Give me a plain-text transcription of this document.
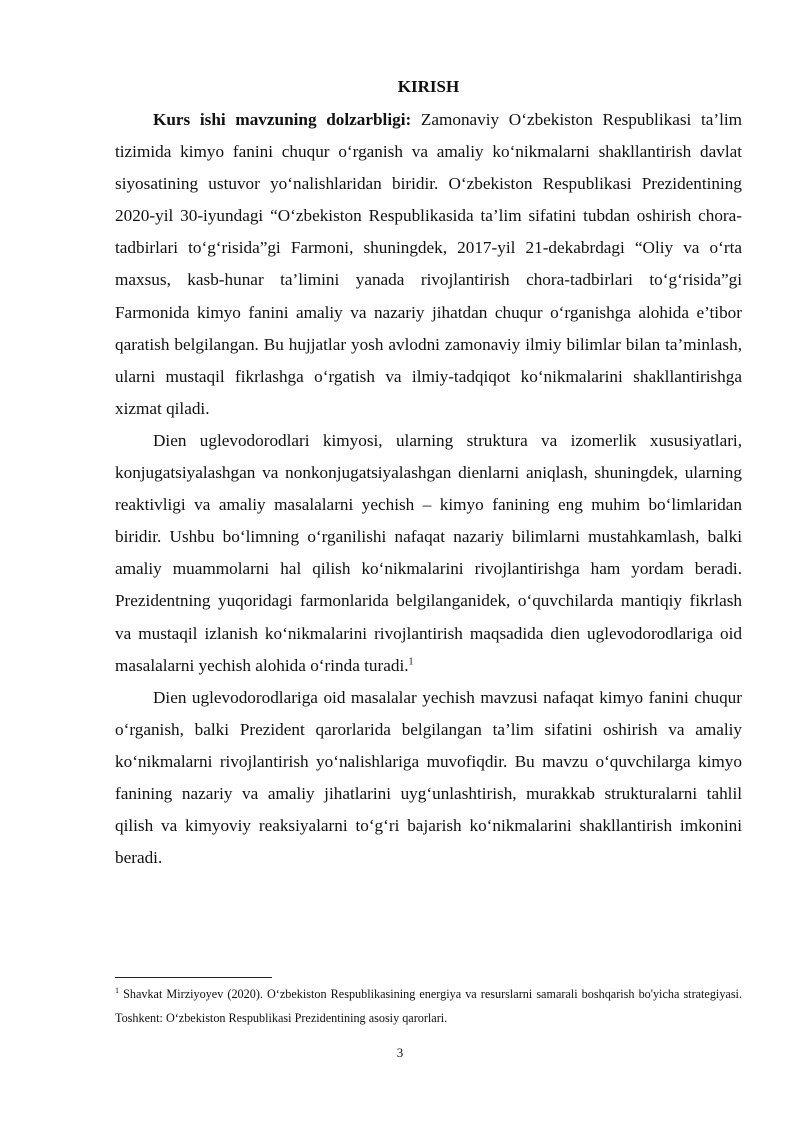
KIRISH

Kurs ishi mavzuning dolzarbligi: Zamonaviy O‘zbekiston Respublikasi ta’lim tizimida kimyo fanini chuqur o‘rganish va amaliy ko‘nikmalarni shakllantirish davlat siyosatining ustuvor yo‘nalishlaridan biridir. O‘zbekiston Respublikasi Prezidentining 2020-yil 30-iyundagi “O‘zbekiston Respublikasida ta’lim sifatini tubdan oshirish chora-tadbirlari to‘g‘risida”gi Farmoni, shuningdek, 2017-yil 21-dekabrdagi “Oliy va o‘rta maxsus, kasb-hunar ta’limini yanada rivojlantirish chora-tadbirlari to‘g‘risida”gi Farmonida kimyo fanini amaliy va nazariy jihatdan chuqur o‘rganishga alohida e’tibor qaratish belgilangan. Bu hujjatlar yosh avlodni zamonaviy ilmiy bilimlar bilan ta’minlash, ularni mustaqil fikrlashga o‘rgatish va ilmiy-tadqiqot ko‘nikmalarini shakllantirishga xizmat qiladi.

Dien uglevodorodlari kimyosi, ularning struktura va izomerlik xususiyatlari, konjugatsiyalashgan va nonkonjugatsiyalashgan dienlarni aniqlash, shuningdek, ularning reaktivligi va amaliy masalalarni yechish – kimyo fanining eng muhim bo‘limlaridan biridir. Ushbu bo‘limning o‘rganilishi nafaqat nazariy bilimlarni mustahkamlash, balki amaliy muammolarni hal qilish ko‘nikmalarini rivojlantirishga ham yordam beradi. Prezidentning yuqoridagi farmonlarida belgilanganidek, o‘quvchilarda mantiqiy fikrlash va mustaqil izlanish ko‘nikmalarini rivojlantirish maqsadida dien uglevodorodlariga oid masalalarni yechish alohida o‘rinda turadi.$^1$

Dien uglevodorodlariga oid masalalar yechish mavzusi nafaqat kimyo fanini chuqur o‘rganish, balki Prezident qarorlarida belgilangan ta’lim sifatini oshirish va amaliy ko‘nikmalarni rivojlantirish yo‘nalishlariga muvofiqdir. Bu mavzu o‘quvchilarga kimyo fanining nazariy va amaliy jihatlarini uyg‘unlashtirish, murakkab strukturalarni tahlil qilish va kimyoviy reaksiyalarni to‘g‘ri bajarish ko‘nikmalarini shakllantirish imkonini beradi.

$^1$ Shavkat Mirziyoyev (2020). O‘zbekiston Respublikasining energiya va resurslarni samarali boshqarish bo'yicha strategiyasi. Toshkent: O‘zbekiston Respublikasi Prezidentining asosiy qarorlari.

3
